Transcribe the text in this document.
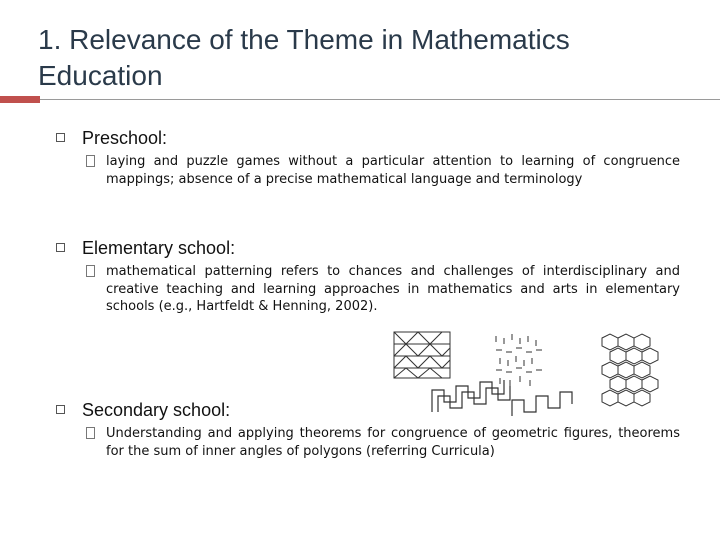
1. Relevance of the Theme in Mathematics Education
Preschool:
laying and puzzle games without a particular attention to learning of congruence mappings; absence of a precise mathematical language and terminology
Elementary school:
mathematical patterning refers to chances and challenges of interdisciplinary and creative teaching and learning approaches in mathematics and arts in elementary schools (e.g., Hartfeldt & Henning, 2002).
Secondary school:
Understanding and applying theorems for congruence of geometric figures, theorems for the sum of inner angles of polygons (referring Curricula)
